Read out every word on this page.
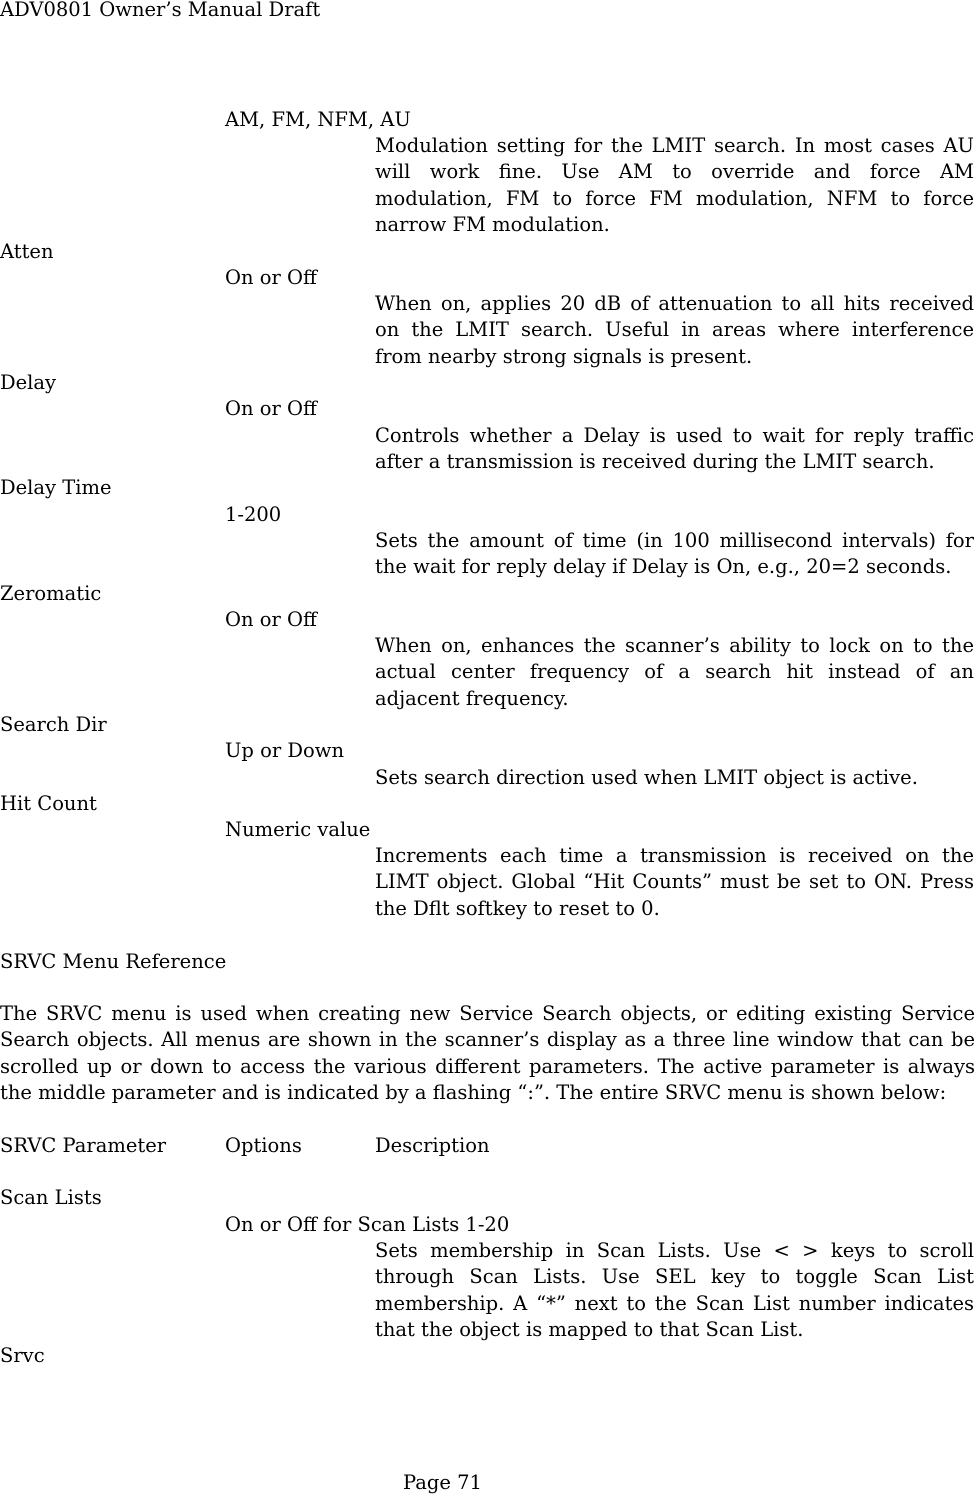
ADV0801 Owner’s Manual Draft
AM, FM, NFM, AU
Modulation setting for the LMIT search. In most cases AU will work fine. Use AM to override and force AM modulation, FM to force FM modulation, NFM to force narrow FM modulation.
Atten
On or Off
When on, applies 20 dB of attenuation to all hits received on the LMIT search. Useful in areas where interference from nearby strong signals is present.
Delay
On or Off
Controls whether a Delay is used to wait for reply traffic after a transmission is received during the LMIT search.
Delay Time
1-200
Sets the amount of time (in 100 millisecond intervals) for the wait for reply delay if Delay is On, e.g., 20=2 seconds.
Zeromatic
On or Off
When on, enhances the scanner’s ability to lock on to the actual center frequency of a search hit instead of an adjacent frequency.
Search Dir
Up or Down
Sets search direction used when LMIT object is active.
Hit Count
Numeric value
Increments each time a transmission is received on the LIMT object. Global “Hit Counts” must be set to ON. Press the Dflt softkey to reset to 0.
SRVC Menu Reference
The SRVC menu is used when creating new Service Search objects, or editing existing Service Search objects. All menus are shown in the scanner’s display as a three line window that can be scrolled up or down to access the various different parameters. The active parameter is always the middle parameter and is indicated by a flashing “:”. The entire SRVC menu is shown below:
SRVC Parameter	Options	Description
Scan Lists
On or Off for Scan Lists 1-20
Sets membership in Scan Lists. Use < > keys to scroll through Scan Lists. Use SEL key to toggle Scan List membership. A “*” next to the Scan List number indicates that the object is mapped to that Scan List.
Srvc
Page 71
